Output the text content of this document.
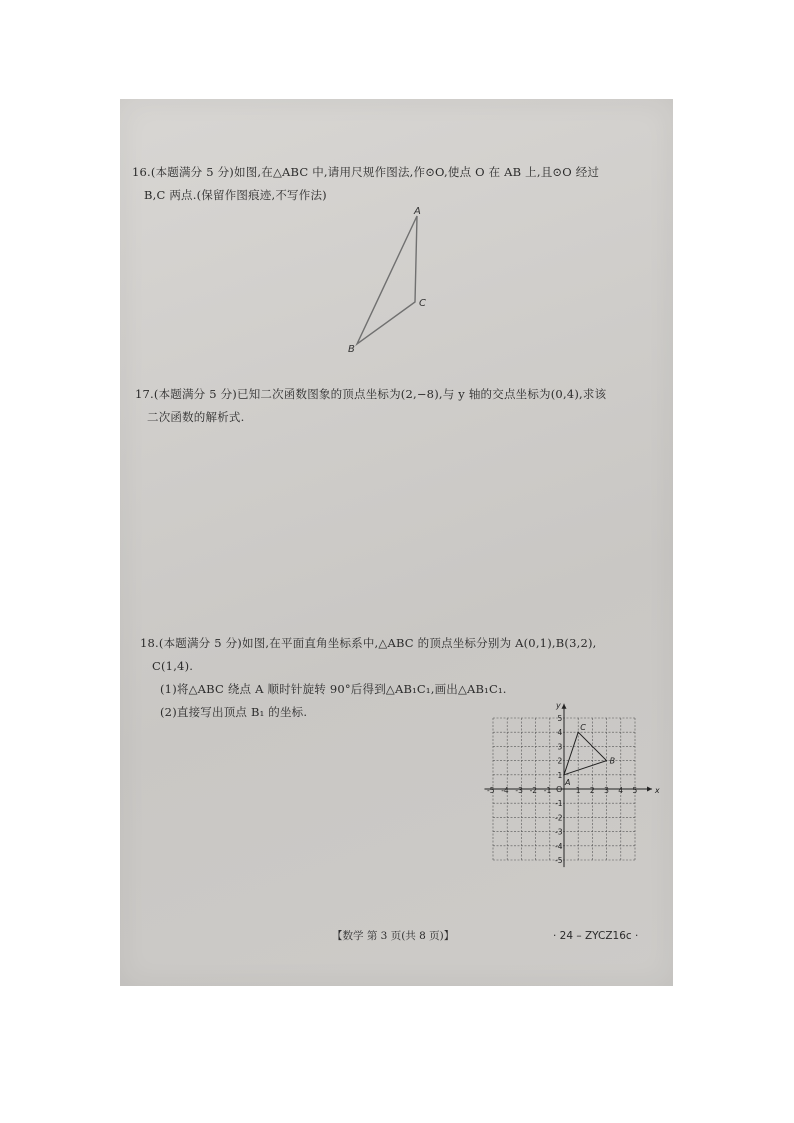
16.(本题满分 5 分)如图,在△ABC 中,请用尺规作图法,作⊙O,使点 O 在 AB 上,且⊙O 经过
B,C 两点.(保留作图痕迹,不写作法)
A
C
B
17.(本题满分 5 分)已知二次函数图象的顶点坐标为(2,−8),与 y 轴的交点坐标为(0,4),求该
二次函数的解析式.
18.(本题满分 5 分)如图,在平面直角坐标系中,△ABC 的顶点坐标分别为 A(0,1),B(3,2),
C(1,4).
(1)将△ABC 绕点 A 顺时针旋转 90°后得到△AB₁C₁,画出△AB₁C₁.
(2)直接写出顶点 B₁ 的坐标.
x
y
O
-5 -4 -3 -2 -1	1 2 3 4 5
5
4
3
2
1
-1
-2
-3
-4
-5
A
B
C
【数学 第 3 页(共 8 页)】	· 24 – ZYCZ16c ·
